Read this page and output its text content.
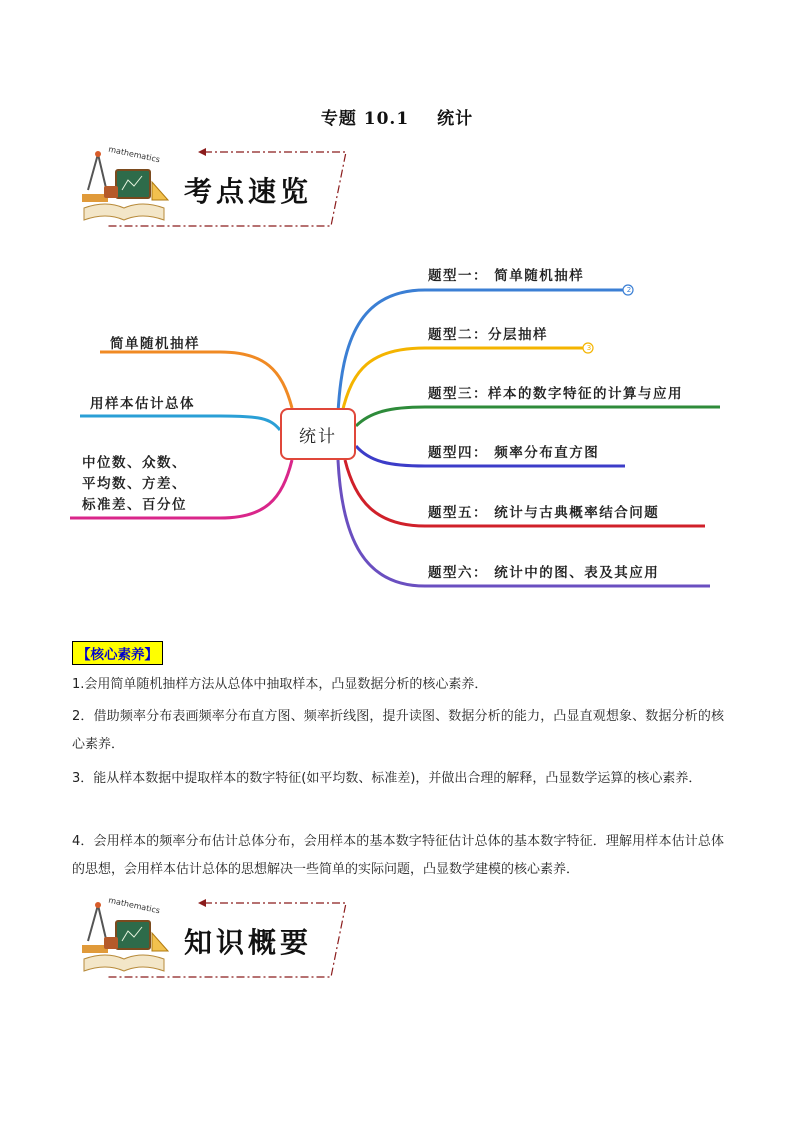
专题 10.1 统计
mathematics
考点速览
2
3
统计
题型一： 简单随机抽样
题型二：分层抽样
题型三：样本的数字特征的计算与应用
题型四： 频率分布直方图
题型五： 统计与古典概率结合问题
题型六： 统计中的图、表及其应用
简单随机抽样
用样本估计总体
中位数、众数、
平均数、方差、
标准差、百分位
【核心素养】
1.会用简单随机抽样方法从总体中抽取样本，凸显数据分析的核心素养．
2．借助频率分布表画频率分布直方图、频率折线图，提升读图、数据分析的能力，凸显直观想象、数据分析的核心素养．
3．能从样本数据中提取样本的数字特征(如平均数、标准差)，并做出合理的解释，凸显数学运算的核心素养．
4．会用样本的频率分布估计总体分布，会用样本的基本数字特征估计总体的基本数字特征．理解用样本估计总体的思想，会用样本估计总体的思想解决一些简单的实际问题，凸显数学建模的核心素养．
mathematics
知识概要
